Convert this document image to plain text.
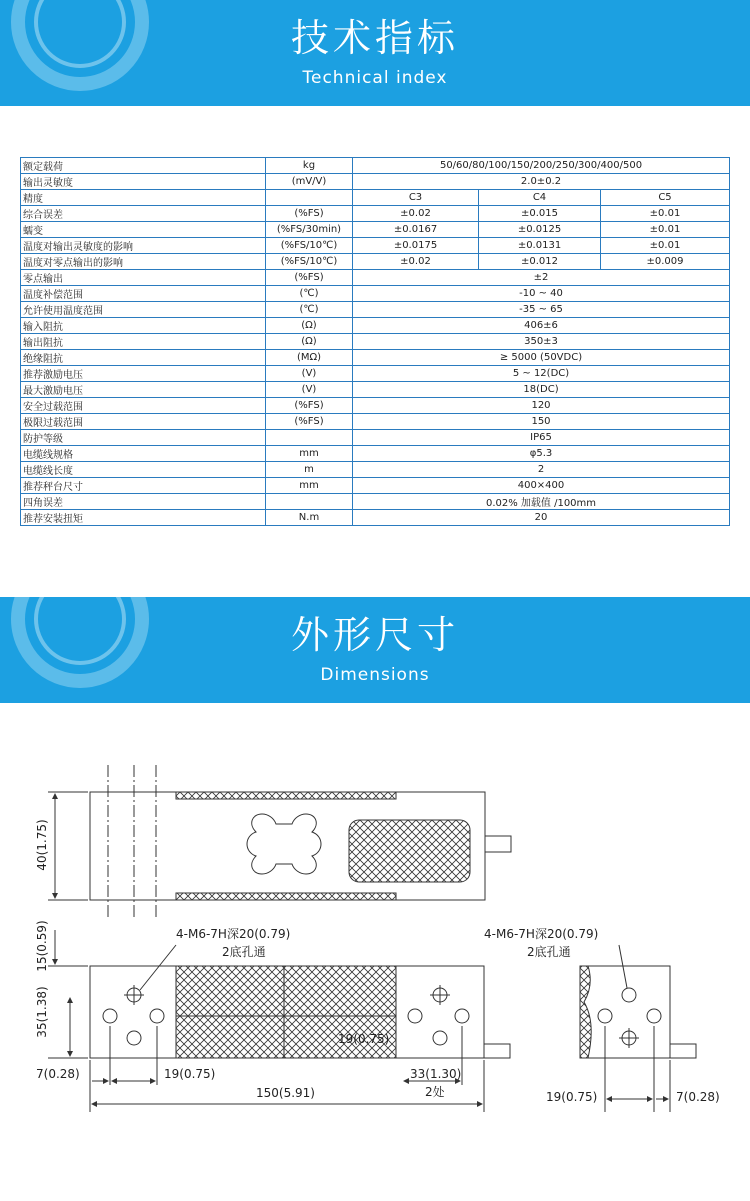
技术指标
Technical index
额定载荷	kg	50/60/80/100/150/200/250/300/400/500		
输出灵敏度	(mV/V)	2.0±0.2		
精度		C3	C4	C5
综合误差	(%FS)	±0.02	±0.015	±0.01
蠕变	(%FS/30min)	±0.0167	±0.0125	±0.01
温度对输出灵敏度的影响	(%FS/10℃)	±0.0175	±0.0131	±0.01
温度对零点输出的影响	(%FS/10℃)	±0.02	±0.012	±0.009
零点输出	(%FS)	±2		
温度补偿范围	(℃)	-10 ~ 40		
允许使用温度范围	(℃)	-35 ~ 65		
输入阻抗	(Ω)	406±6		
输出阻抗	(Ω)	350±3		
绝缘阻抗	(MΩ)	≥ 5000 (50VDC)		
推荐激励电压	(V)	5 ~ 12(DC)		
最大激励电压	(V)	18(DC)		
安全过载范围	(%FS)	120		
极限过载范围	(%FS)	150		
防护等级		IP65		
电缆线规格	mm	φ5.3		
电缆线长度	m	2		
推荐秤台尺寸	mm	400×400		
四角误差		0.02% 加载值 /100mm		
推荐安装扭矩	N.m	20		
外形尺寸
Dimensions
40(1.75)
15(0.59)
35(1.38)
4-M6-7H深20(0.79)
2底孔通
4-M6-7H深20(0.79)
2底孔通
19(0.75)
7(0.28)	19(0.75)
150(5.91)
33(1.30)
2处	19(0.75)	7(0.28)
